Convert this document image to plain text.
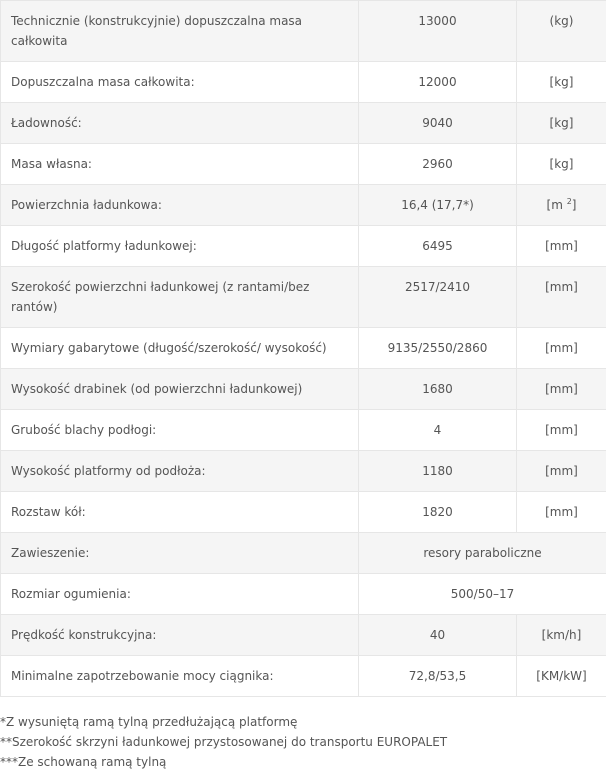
Technicznie (konstrukcyjnie) dopuszczalna masa całkowita	13000	(kg)
Dopuszczalna masa całkowita:	12000	[kg]
Ładowność:	9040	[kg]
Masa własna:	2960	[kg]
Powierzchnia ładunkowa:	16,4 (17,7*)	[m $^2$]
Długość platformy ładunkowej:	6495	[mm]
Szerokość powierzchni ładunkowej (z rantami/bez rantów)	2517/2410	[mm]
Wymiary gabarytowe (długość/szerokość/ wysokość)	9135/2550/2860	[mm]
Wysokość drabinek (od powierzchni ładunkowej)	1680	[mm]
Grubość blachy podłogi:	4	[mm]
Wysokość platformy od podłoża:	1180	[mm]
Rozstaw kół:	1820	[mm]
Zawieszenie:	resory paraboliczne	
Rozmiar ogumienia:	500/50–17	
Prędkość konstrukcyjna:	40	[km/h]
Minimalne zapotrzebowanie mocy ciągnika:	72,8/53,5	[KM/kW]
*Z wysuniętą ramą tylną przedłużającą platformę
**Szerokość skrzyni ładunkowej przystosowanej do transportu EUROPALET
***Ze schowaną ramą tylną
